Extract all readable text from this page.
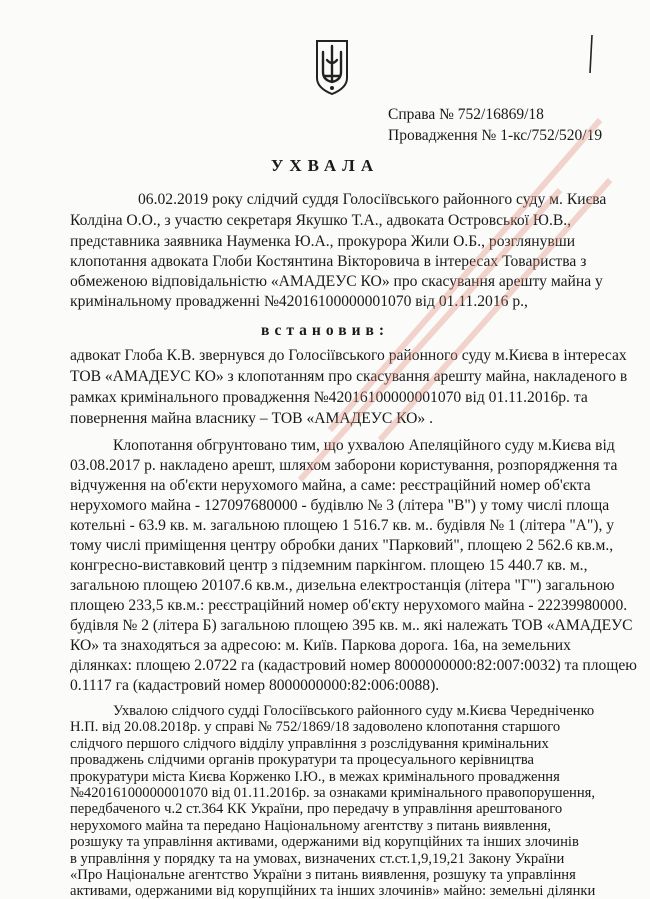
Справа № 752/16869/18
Провадження № 1-кс/752/520/19
УХВАЛА
06.02.2019 року слідчий суддя Голосіївського районного суду м. Києва
Колдіна О.О., з участю секретаря Якушко Т.А., адвоката Островської Ю.В.,
представника заявника Науменка Ю.А., прокурора Жили О.Б., розглянувши
клопотання адвоката Глоби Костянтина Вікторовича в інтересах Товариства з
обмеженою відповідальністю «АМАДЕУС КО» про скасування арешту майна у
кримінальному провадженні №42016100000001070 від 01.11.2016 р.,
встановив:
адвокат Глоба К.В. звернувся до Голосіївського районного суду м.Києва в інтересах
ТОВ «АМАДЕУС КО» з клопотанням про скасування арешту майна, накладеного в
рамках кримінального провадження №42016100000001070 від 01.11.2016р. та
повернення майна власнику – ТОВ «АМАДЕУС КО» .
Клопотання обгрунтовано тим, що ухвалою Апеляційного суду м.Києва від
03.08.2017 р. накладено арешт, шляхом заборони користування, розпорядження та
відчуження на об'єкти нерухомого майна, а саме: реєстраційний номер об'єкта
нерухомого майна - 127097680000 - будівлю № 3 (літера "В") у тому числі площа
котельні - 63.9 кв. м. загальною площею 1 516.7 кв. м.. будівля № 1 (літера "А"), у
тому числі приміщення центру обробки даних "Парковий", площею 2 562.6 кв.м.,
конгресно-виставковий центр з підземним паркінгом. площею 15 440.7 кв. м.,
загальною площею 20107.6 кв.м., дизельна електростанція (літера "Г") загальною
площею 233,5 кв.м.: реєстраційний номер об'єкту нерухомого майна - 22239980000.
будівля № 2 (літера Б) загальною площею 395 кв. м.. які належать ТОВ «АМАДЕУС
КО» та знаходяться за адресою: м. Київ. Паркова дорога. 16а, на земельних
ділянках: площею 2.0722 га (кадастровий номер 8000000000:82:007:0032) та площею
0.1117 га (кадастровий номер 8000000000:82:006:0088).
Ухвалою слідчого судді Голосіївського районного суду м.Києва Чередніченко
Н.П. від 20.08.2018р. у справі № 752/1869/18 задоволено клопотання старшого
слідчого першого слідчого відділу управління з розслідування кримінальних
проваджень слідчими органів прокуратури та процесуального керівництва
прокуратури міста Києва Корженко І.Ю., в межах кримінального провадження
№42016100000001070 від 01.11.2016р. за ознаками кримінального правопорушення,
передбаченого ч.2 ст.364 КК України, про передачу в управління арештованого
нерухомого майна та передано Національному агентству з питань виявлення,
розшуку та управління активами, одержаними від корупційних та інших злочинів
в управління у порядку та на умовах, визначених ст.ст.1,9,19,21 Закону України
«Про Національне агентство України з питань виявлення, розшуку та управління
активами, одержаними від корупційних та інших злочинів» майно: земельні ділянки
